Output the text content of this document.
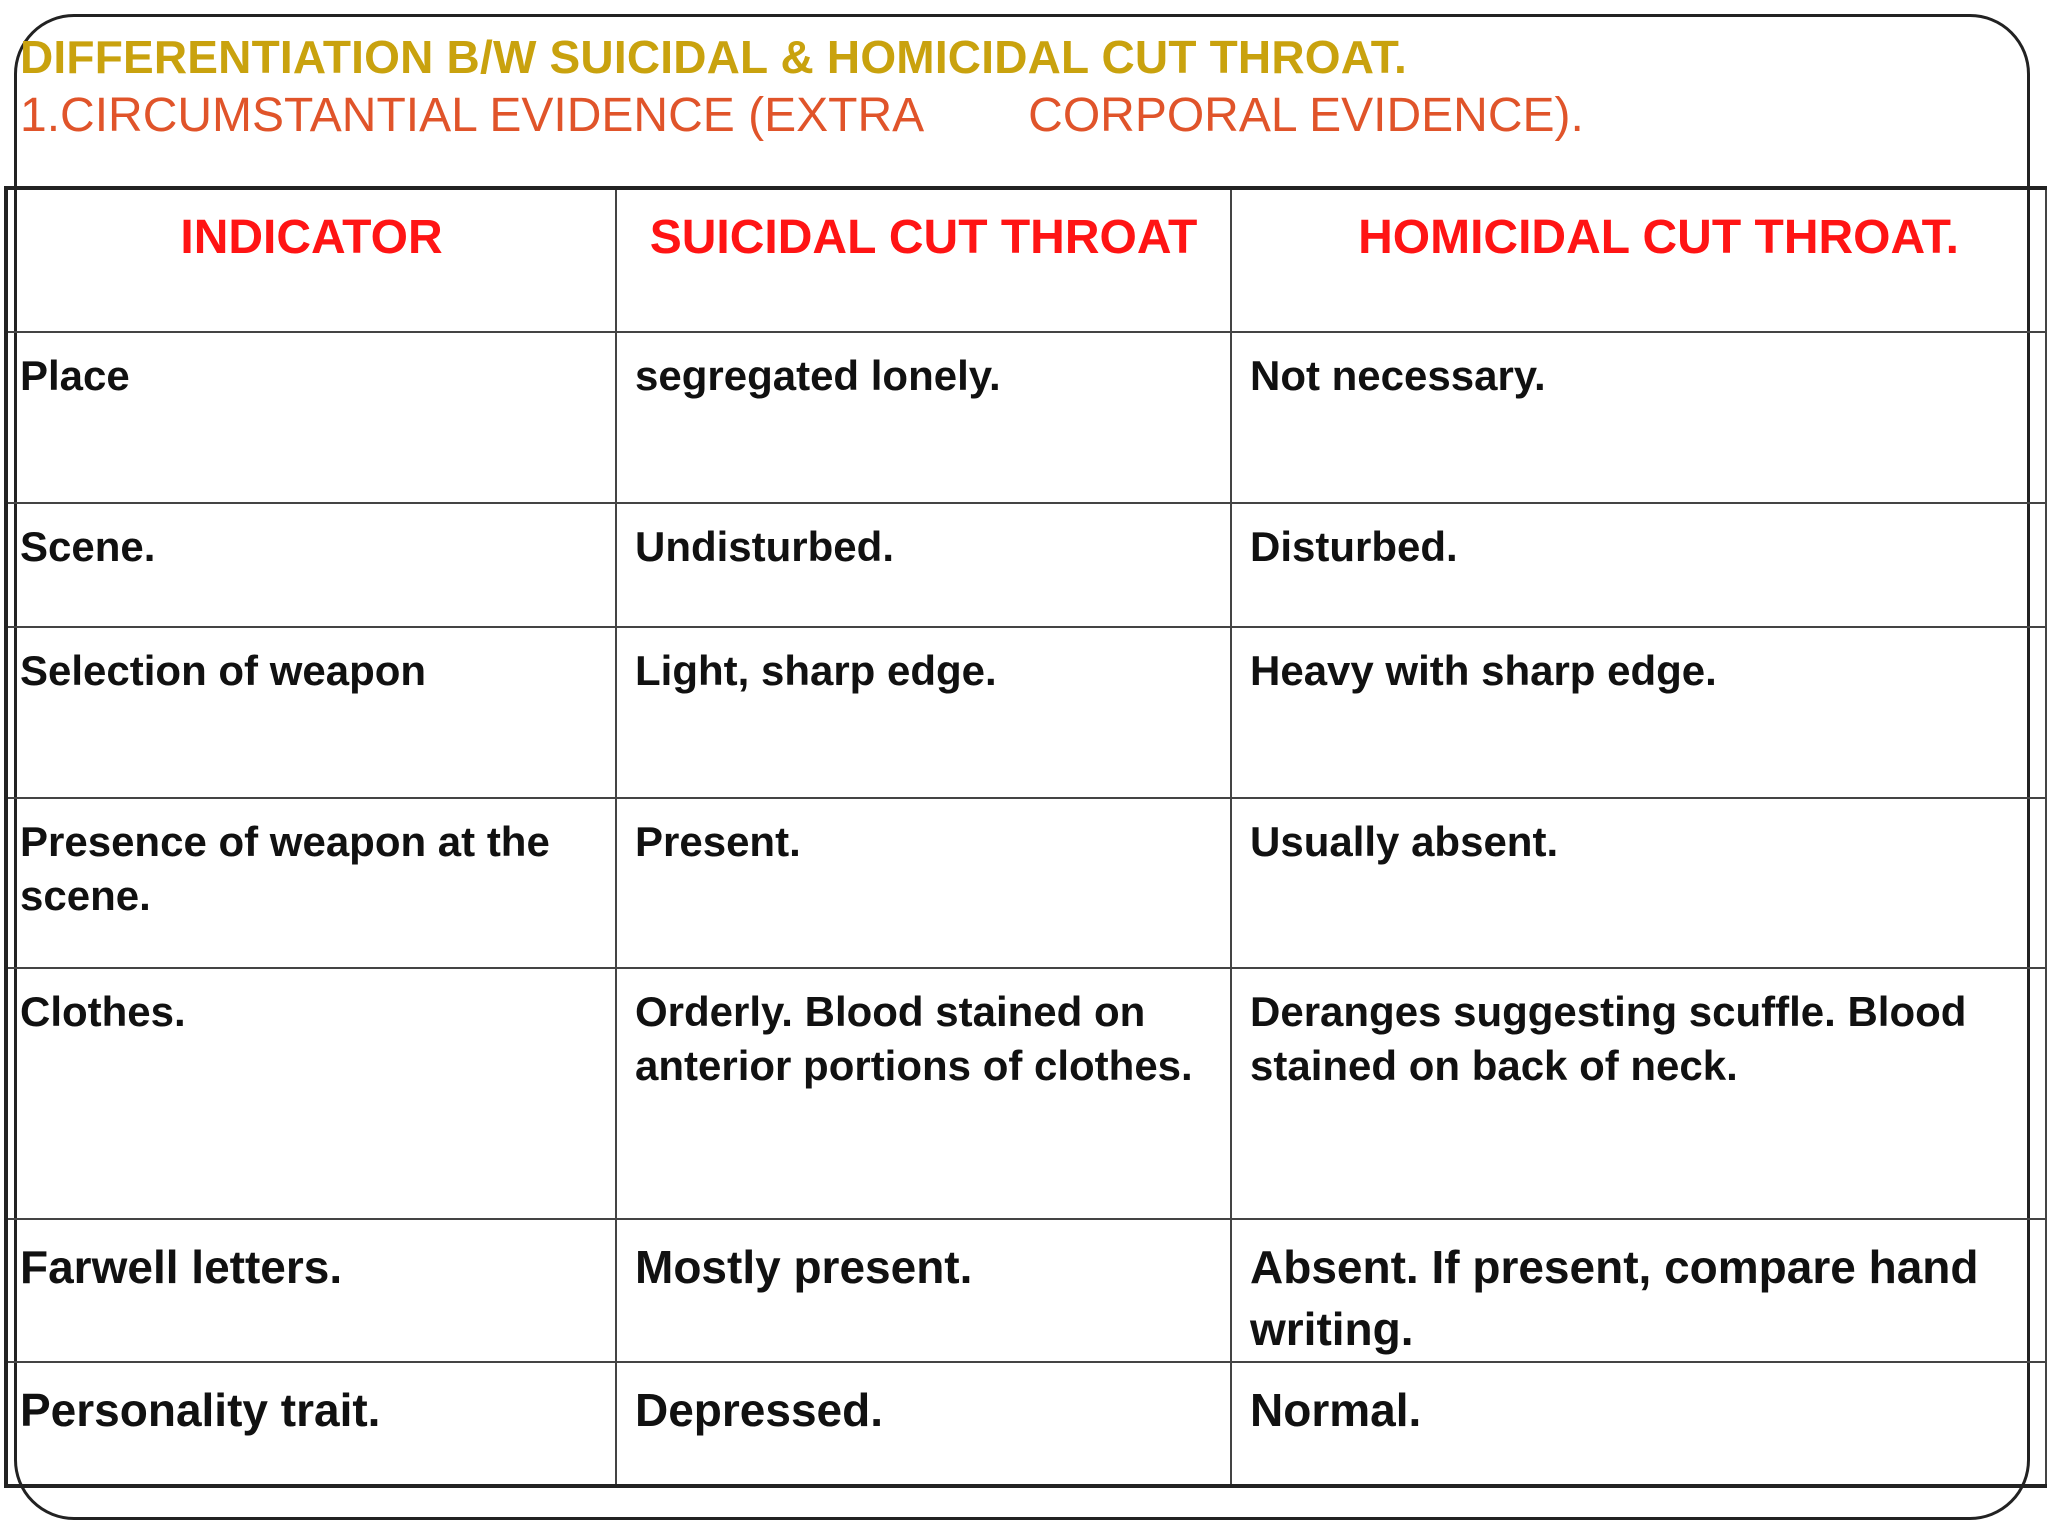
DIFFERENTIATION B/W SUICIDAL & HOMICIDAL CUT THROAT.
1.CIRCUMSTANTIAL EVIDENCE (EXTRA        CORPORAL EVIDENCE).
INDICATOR	SUICIDAL CUT THROAT	HOMICIDAL CUT THROAT.
Place	segregated lonely.	Not necessary.
Scene.	Undisturbed.	Disturbed.
Selection of weapon	Light, sharp edge.	Heavy with sharp edge.
Presence of weapon at the scene.	Present.	Usually absent.
Clothes.	Orderly. Blood stained on anterior portions of clothes.	Deranges suggesting scuffle. Blood stained on back of neck.
Farwell letters.	Mostly present.	Absent. If present, compare hand writing.
Personality trait.	Depressed.	Normal.
